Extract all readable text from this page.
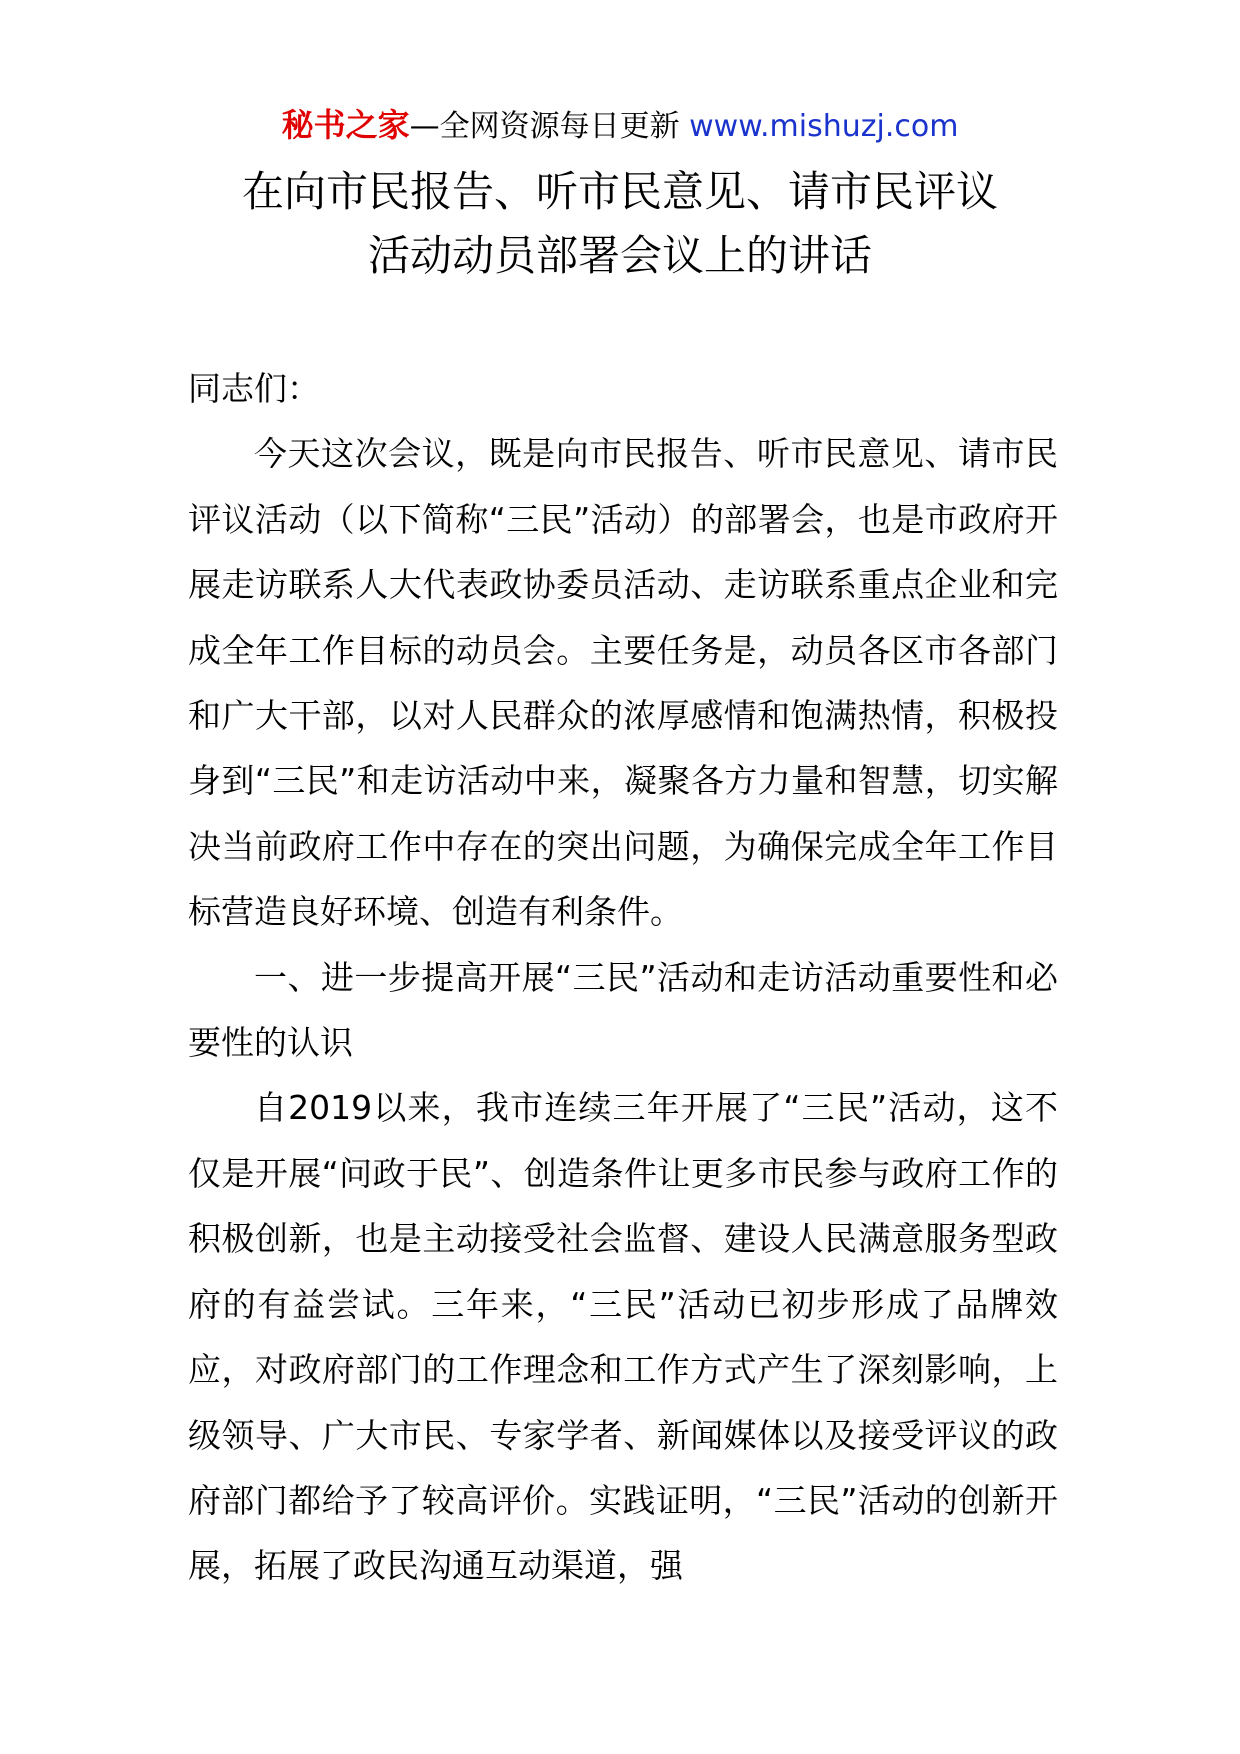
秘书之家—全网资源每日更新 www.mishuzj.com
在向市民报告、听市民意见、请市民评议
活动动员部署会议上的讲话

同志们：

今天这次会议，既是向市民报告、听市民意见、请市民评议活动（以下简称“三民”活动）的部署会，也是市政府开展走访联系人大代表政协委员活动、走访联系重点企业和完成全年工作目标的动员会。主要任务是，动员各区市各部门和广大干部，以对人民群众的浓厚感情和饱满热情，积极投身到“三民”和走访活动中来，凝聚各方力量和智慧，切实解决当前政府工作中存在的突出问题，为确保完成全年工作目标营造良好环境、创造有利条件。

一、进一步提高开展“三民”活动和走访活动重要性和必要性的认识

自2019以来，我市连续三年开展了“三民”活动，这不仅是开展“问政于民”、创造条件让更多市民参与政府工作的积极创新，也是主动接受社会监督、建设人民满意服务型政府的有益尝试。三年来，“三民”活动已初步形成了品牌效应，对政府部门的工作理念和工作方式产生了深刻影响，上级领导、广大市民、专家学者、新闻媒体以及接受评议的政府部门都给予了较高评价。实践证明，“三民”活动的创新开展，拓展了政民沟通互动渠道，强
